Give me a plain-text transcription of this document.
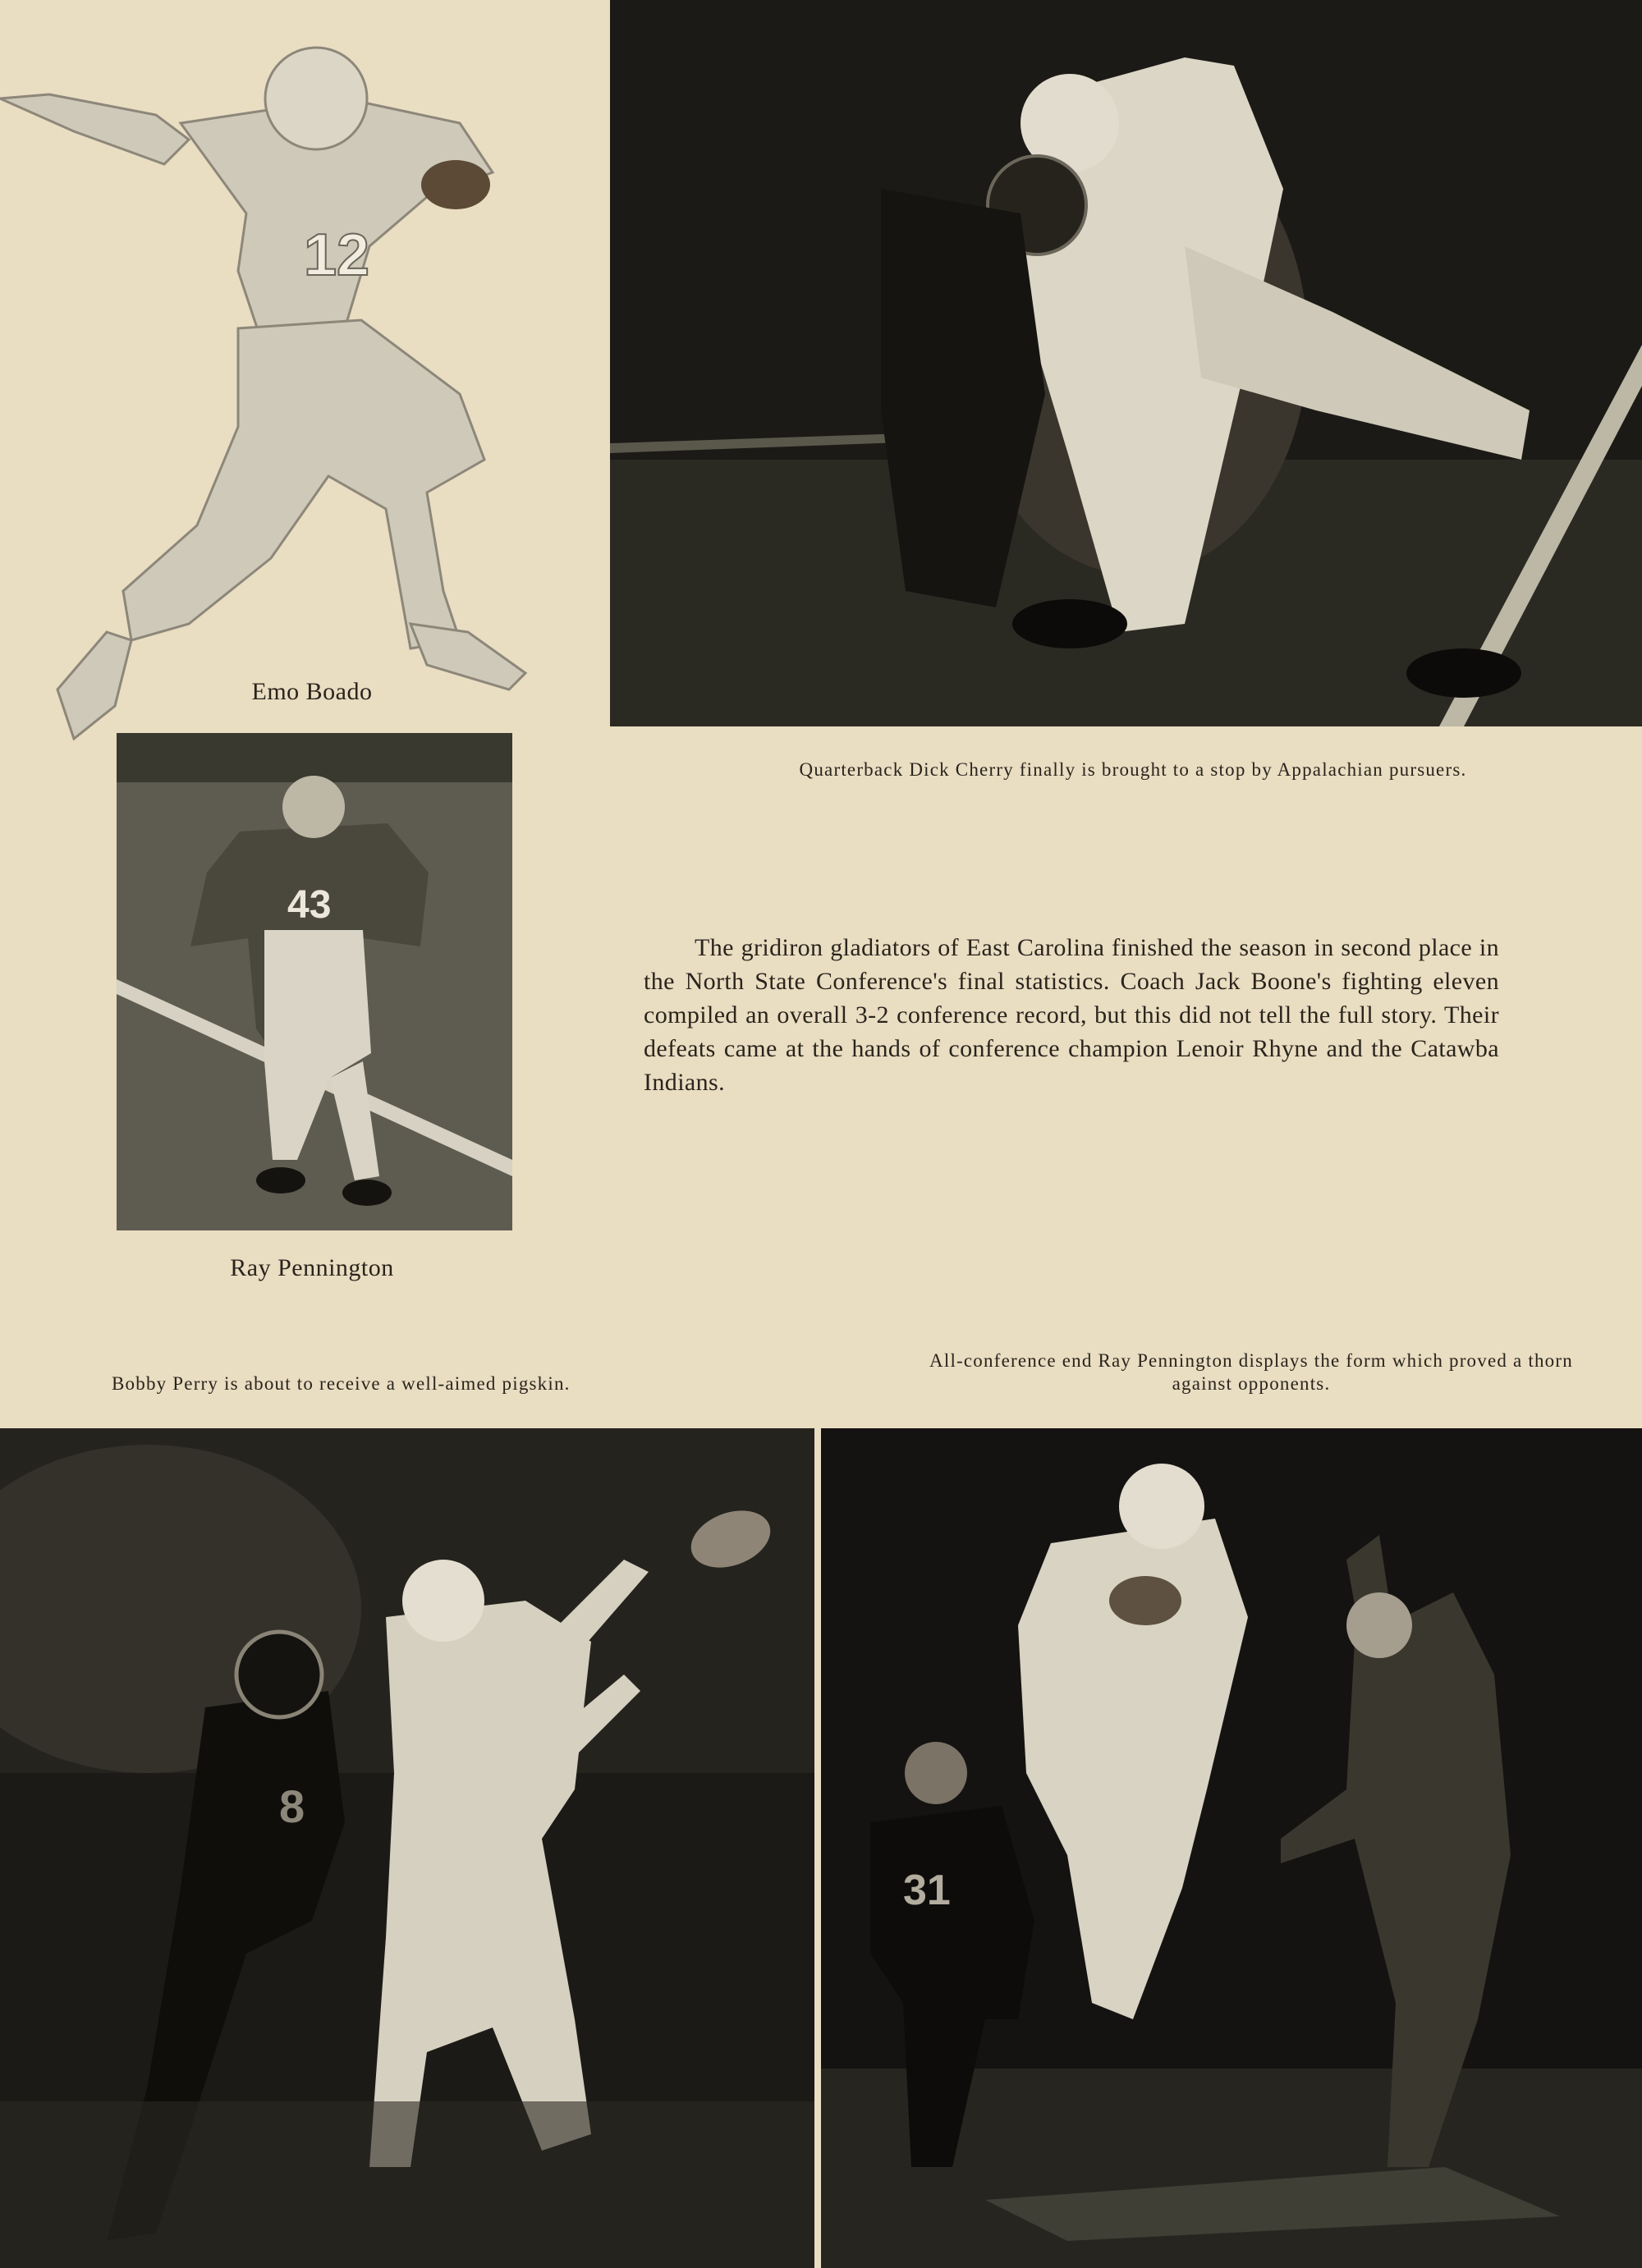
12
Emo Boado
Quarterback Dick Cherry finally is brought to a stop by Appalachian pursuers.
43
Ray Pennington

The gridiron gladiators of East Carolina finished the season in second place in the North State Conference's final statistics. Coach Jack Boone's fighting eleven compiled an overall 3-2 conference record, but this did not tell the full story. Their defeats came at the hands of conference champion Lenoir Rhyne and the Catawba Indians.

Bobby Perry is about to receive a well-aimed pigskin.
All-conference end Ray Pennington displays the form which proved a thorn against opponents.
8
31
